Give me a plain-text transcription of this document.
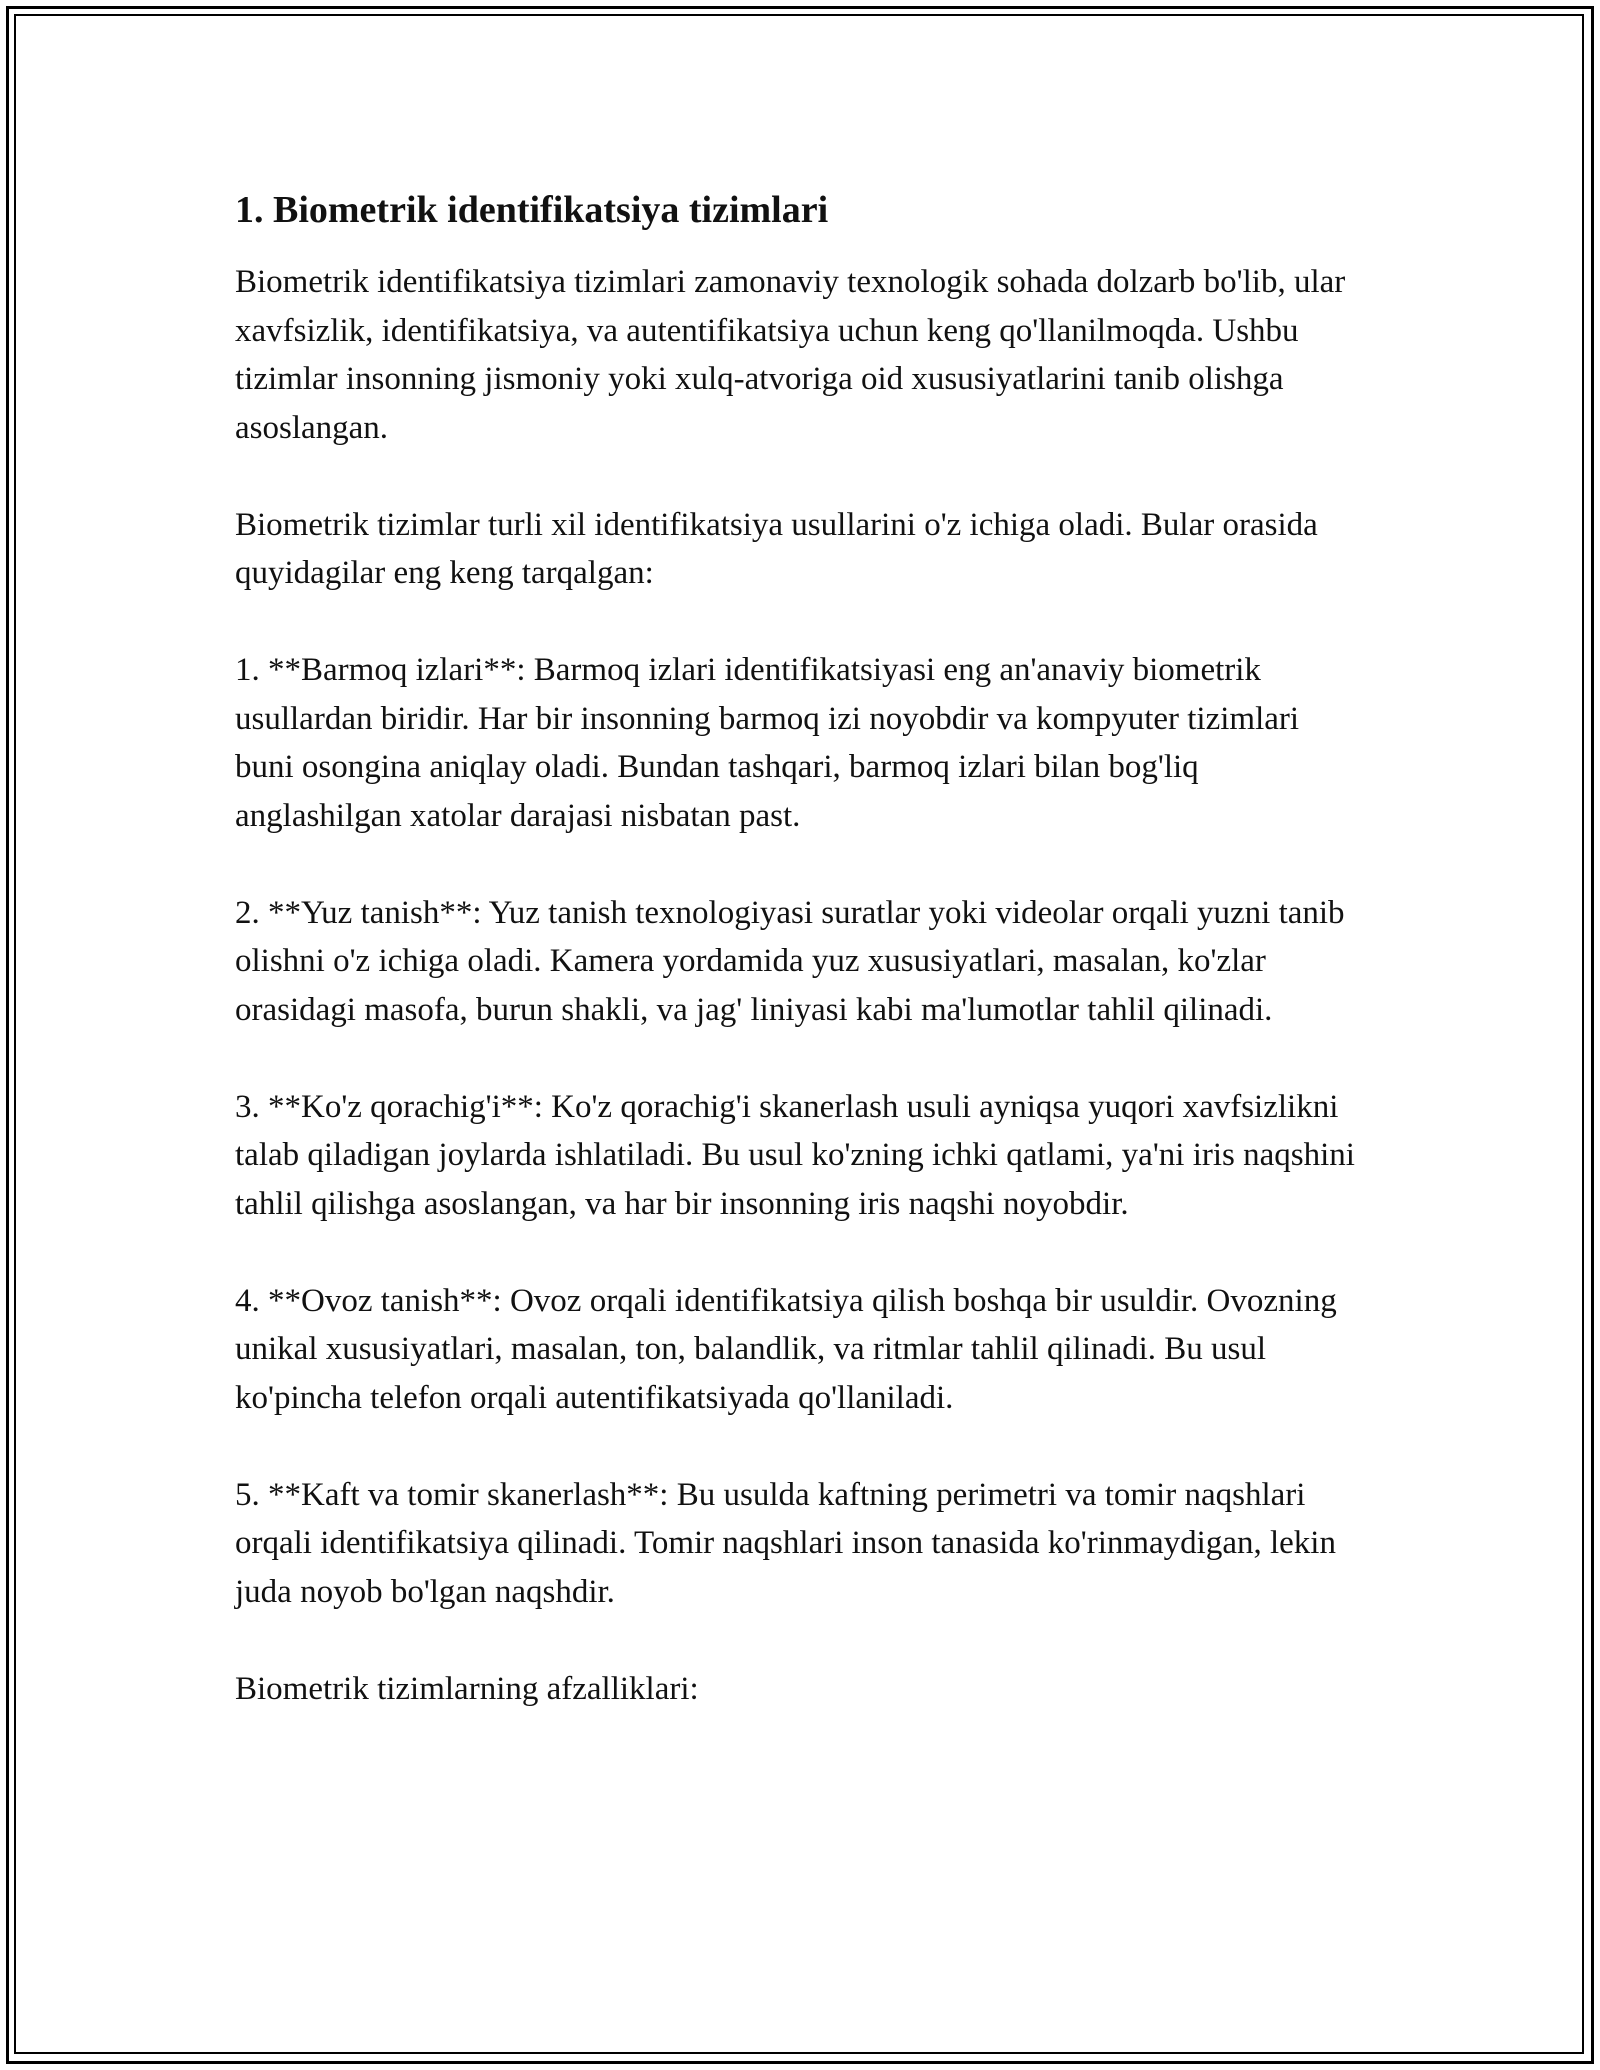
1. Biometrik identifikatsiya tizimlari

Biometrik identifikatsiya tizimlari zamonaviy texnologik sohada dolzarb bo'lib, ular xavfsizlik, identifikatsiya, va autentifikatsiya uchun keng qo'llanilmoqda. Ushbu tizimlar insonning jismoniy yoki xulq-atvoriga oid xususiyatlarini tanib olishga asoslangan.

Biometrik tizimlar turli xil identifikatsiya usullarini o'z ichiga oladi. Bular orasida quyidagilar eng keng tarqalgan:

1. **Barmoq izlari**: Barmoq izlari identifikatsiyasi eng an'anaviy biometrik usullardan biridir. Har bir insonning barmoq izi noyobdir va kompyuter tizimlari buni osongina aniqlay oladi. Bundan tashqari, barmoq izlari bilan bog'liq anglashilgan xatolar darajasi nisbatan past.

2. **Yuz tanish**: Yuz tanish texnologiyasi suratlar yoki videolar orqali yuzni tanib olishni o'z ichiga oladi. Kamera yordamida yuz xususiyatlari, masalan, ko'zlar orasidagi masofa, burun shakli, va jag' liniyasi kabi ma'lumotlar tahlil qilinadi.

3. **Ko'z qorachig'i**: Ko'z qorachig'i skanerlash usuli ayniqsa yuqori xavfsizlikni talab qiladigan joylarda ishlatiladi. Bu usul ko'zning ichki qatlami, ya'ni iris naqshini tahlil qilishga asoslangan, va har bir insonning iris naqshi noyobdir.

4. **Ovoz tanish**: Ovoz orqali identifikatsiya qilish boshqa bir usuldir. Ovozning unikal xususiyatlari, masalan, ton, balandlik, va ritmlar tahlil qilinadi. Bu usul ko'pincha telefon orqali autentifikatsiyada qo'llaniladi.

5. **Kaft va tomir skanerlash**: Bu usulda kaftning perimetri va tomir naqshlari orqali identifikatsiya qilinadi. Tomir naqshlari inson tanasida ko'rinmaydigan, lekin juda noyob bo'lgan naqshdir.

Biometrik tizimlarning afzalliklari:
